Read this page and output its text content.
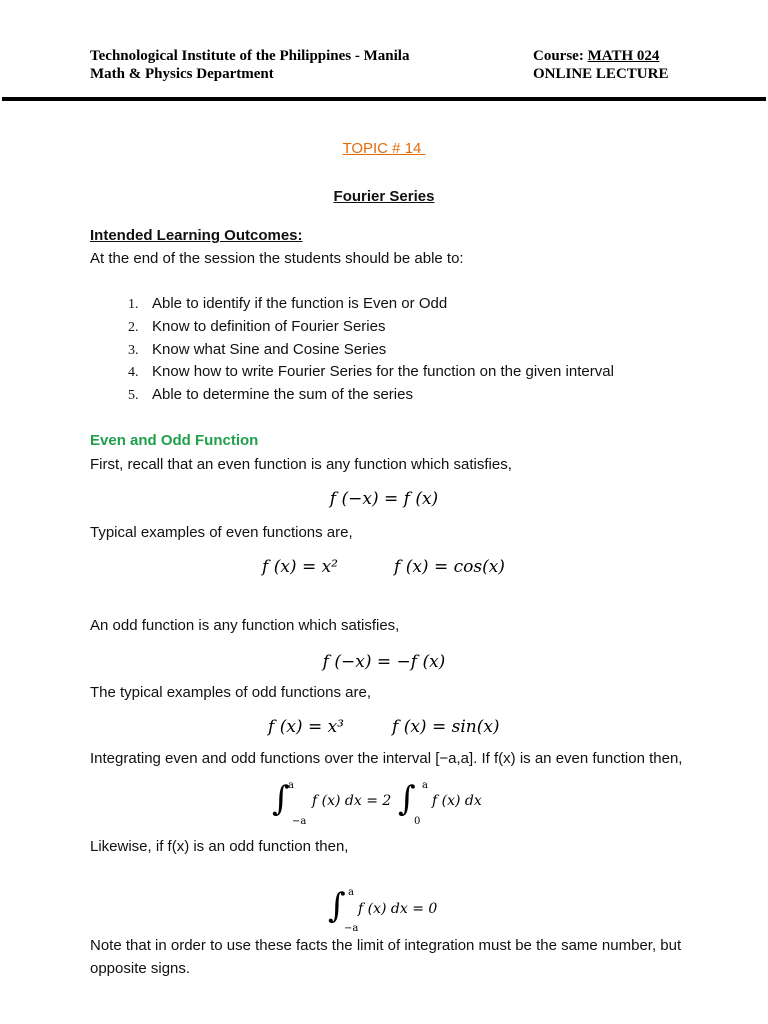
Technological Institute of the Philippines - Manila
Math & Physics Department
Course: MATH 024
ONLINE LECTURE
TOPIC # 14
Fourier Series
Intended Learning Outcomes:
At the end of the session the students should be able to:
1. Able to identify if the function is Even or Odd
2. Know to definition of Fourier Series
3. Know what Sine and Cosine Series
4. Know how to write Fourier Series for the function on the given interval
5. Able to determine the sum of the series
Even and Odd Function
First, recall that an even function is any function which satisfies,
f (−x) = f (x)
Typical examples of even functions are,
f (x) = x²	f (x) = cos(x)
An odd function is any function which satisfies,
f (−x) = −f (x)
The typical examples of odd functions are,
f (x) = x³	f (x) = sin(x)
Integrating even and odd functions over the interval [−a,a]. If f(x) is an even function then,
∫
a
−a
f (x) dx = 2 ∫ a
0
f (x) dx
Likewise, if f(x) is an odd function then,
∫ a
−a
f (x) dx = 0
Note that in order to use these facts the limit of integration must be the same number, but
opposite signs.
